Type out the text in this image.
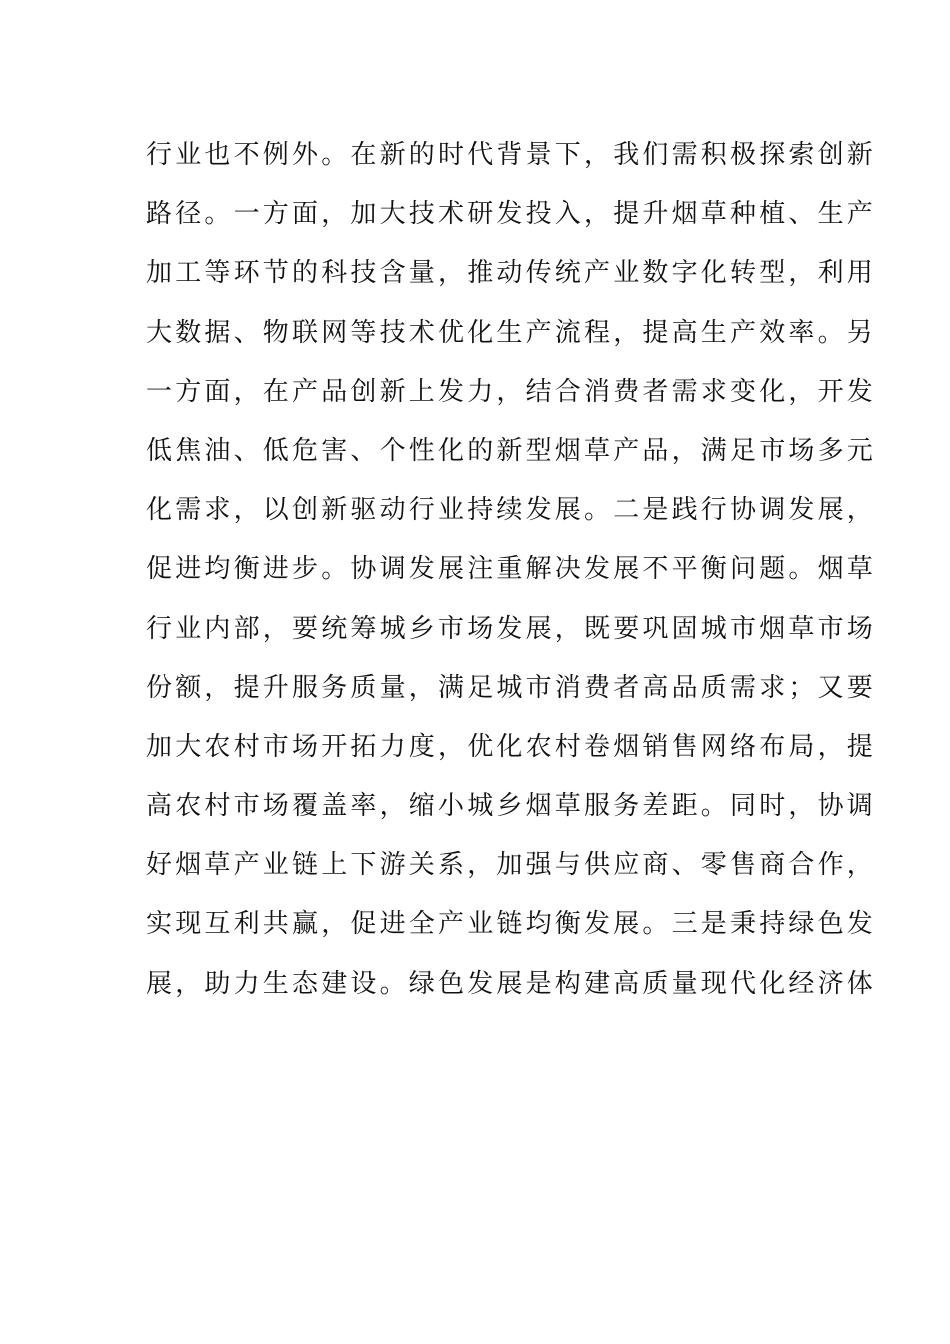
行业也不例外。在新的时代背景下，我们需积极探索创新
路径。一方面，加大技术研发投入，提升烟草种植、生产
加工等环节的科技含量，推动传统产业数字化转型，利用
大数据、物联网等技术优化生产流程，提高生产效率。另
一方面，在产品创新上发力，结合消费者需求变化，开发
低焦油、低危害、个性化的新型烟草产品，满足市场多元
化需求，以创新驱动行业持续发展。二是践行协调发展，
促进均衡进步。协调发展注重解决发展不平衡问题。烟草
行业内部，要统筹城乡市场发展，既要巩固城市烟草市场
份额，提升服务质量，满足城市消费者高品质需求；又要
加大农村市场开拓力度，优化农村卷烟销售网络布局，提
高农村市场覆盖率，缩小城乡烟草服务差距。同时，协调
好烟草产业链上下游关系，加强与供应商、零售商合作，
实现互利共赢，促进全产业链均衡发展。三是秉持绿色发
展，助力生态建设。绿色发展是构建高质量现代化经济体
